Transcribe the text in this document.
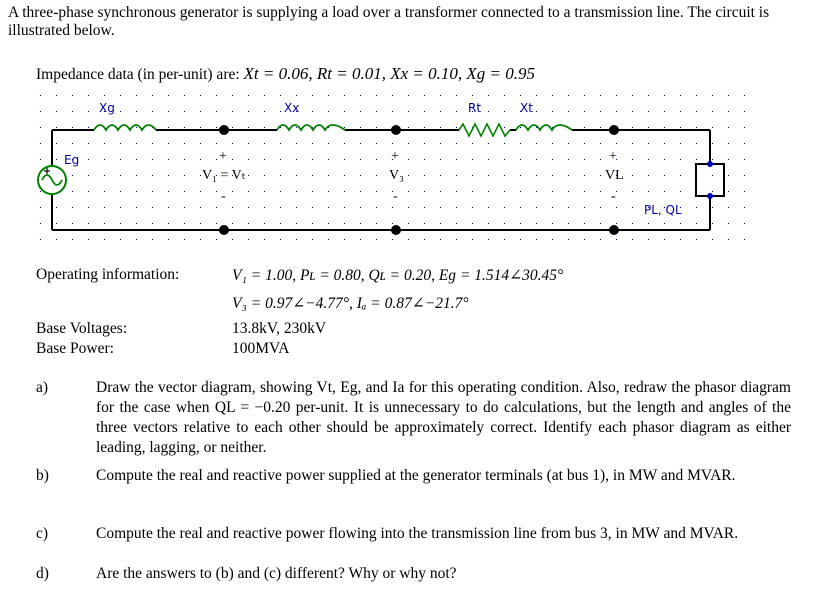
A three-phase synchronous generator is supplying a load over a transformer connected to a transmission line. The circuit is illustrated below.
Impedance data (in per-unit) are: Xt = 0.06, Rt = 0.01, Xx = 0.10, Xg = 0.95
Xg	Xx	Rt	Xt
Eg	+
V₁ = Vₜ
-
+
V₃
-
+
VL
-
PL, QL
Operating information:	V₁ = 1.00, Pʟ = 0.80, Qʟ = 0.20, Eɡ = 1.514∠30.45°
V₃ = 0.97∠−4.77°, Iₐ = 0.87∠−21.7°
Base Voltages:	13.8kV, 230kV
Base Power:	100MVA
a)	Draw the vector diagram, showing Vt, Eg, and Ia for this operating condition. Also, redraw the phasor diagram for the case when QL = −0.20 per-unit. It is unnecessary to do calculations, but the length and angles of the three vectors relative to each other should be approximately correct. Identify each phasor diagram as either leading, lagging, or neither.
b)	Compute the real and reactive power supplied at the generator terminals (at bus 1), in MW and MVAR.
c)	Compute the real and reactive power flowing into the transmission line from bus 3, in MW and MVAR.
d)	Are the answers to (b) and (c) different? Why or why not?
